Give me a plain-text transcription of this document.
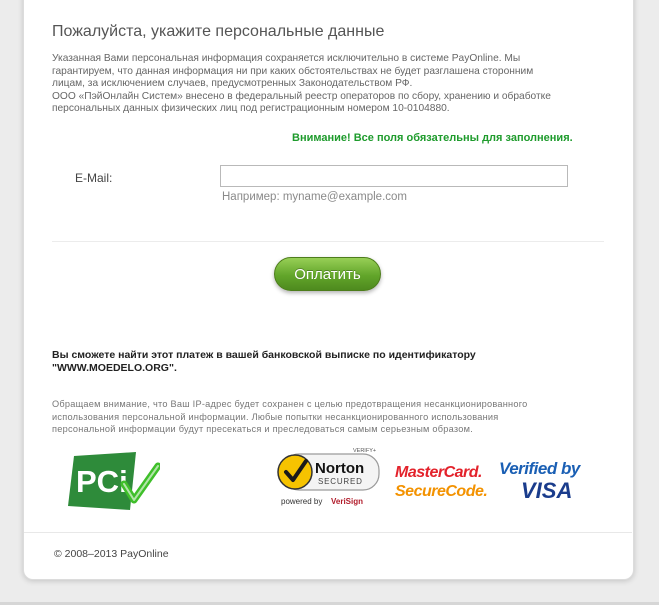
Пожалуйста, укажите персональные данные

Указанная Вами персональная информация сохраняется исключительно в системе PayOnline. Мы

гарантируем, что данная информация ни при каких обстоятельствах не будет разглашена сторонним

лицам, за исключением случаев, предусмотренных Законодательством РФ.

ООО «ПэйОнлайн Систем» внесено в федеральный реестр операторов по сбору, хранению и обработке

персональных данных физических лиц под регистрационным номером 10-0104880.

Внимание! Все поля обязательны для заполнения.
E-Mail:
Например: myname@example.com
Оплатить

Вы сможете найти этот платеж в вашей банковской выписке по идентификатору

"WWW.MOEDELO.ORG".

Обращаем внимание, что Ваш IP-адрес будет сохранен с целью предотвращения несанкционированного
использования персональной информации. Любые попытки несанкционированного использования
персональной информации будут пресекаться и преследоваться самым серьезным образом.
PCi
VERIFY+
Norton
SECURED
powered by VeriSign
MasterCard.
SecureCode.
Verified by
VISA
© 2008–2013 PayOnline
